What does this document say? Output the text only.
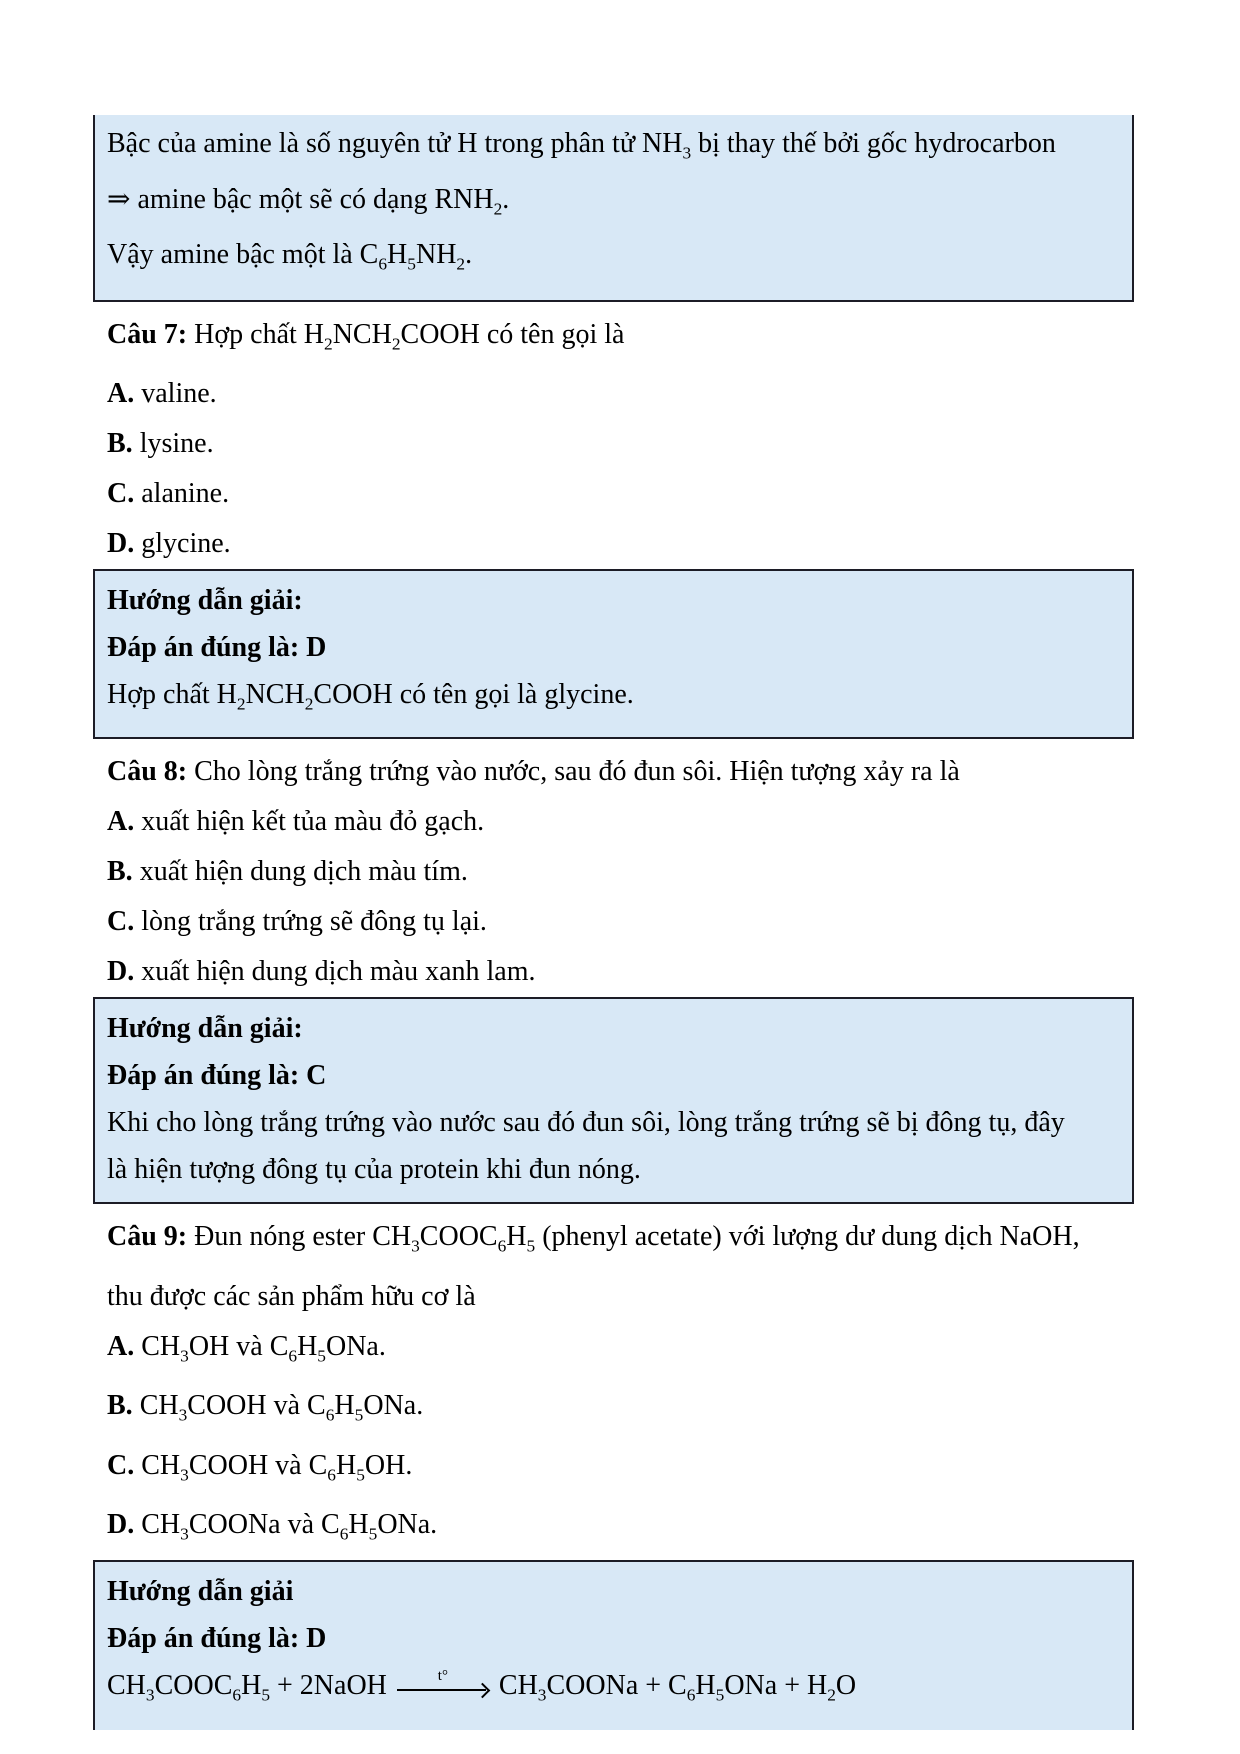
Bậc của amine là số nguyên tử H trong phân tử $NH_3$ bị thay thế bởi gốc hydrocarbon

⇒ amine bậc một sẽ có dạng $RNH_2$.

Vậy amine bậc một là $C_6H_5NH_2$.

Câu 7: Hợp chất $H_2NCH_2COOH$ có tên gọi là

A. valine.

B. lysine.

C. alanine.

D. glycine.

Hướng dẫn giải:

Đáp án đúng là: D

Hợp chất $H_2NCH_2COOH$ có tên gọi là glycine.

Câu 8: Cho lòng trắng trứng vào nước, sau đó đun sôi. Hiện tượng xảy ra là

A. xuất hiện kết tủa màu đỏ gạch.

B. xuất hiện dung dịch màu tím.

C. lòng trắng trứng sẽ đông tụ lại.

D. xuất hiện dung dịch màu xanh lam.

Hướng dẫn giải:

Đáp án đúng là: C

Khi cho lòng trắng trứng vào nước sau đó đun sôi, lòng trắng trứng sẽ bị đông tụ, đây

là hiện tượng đông tụ của protein khi đun nóng.

Câu 9: Đun nóng ester $CH_3COOC_6H_5$ (phenyl acetate) với lượng dư dung dịch NaOH,

thu được các sản phẩm hữu cơ là

A. $CH_3OH$ và $C_6H_5ONa$.

B. $CH_3COOH$ và $C_6H_5ONa$.

C. $CH_3COOH$ và $C_6H_5OH$.

D. $CH_3COONa$ và $C_6H_5ONa$.

Hướng dẫn giải

Đáp án đúng là: D

$CH_3COOC_6H_5$ + 2NaOH	t° $CH_3COONa + C_6H_5ONa + H_2O$
